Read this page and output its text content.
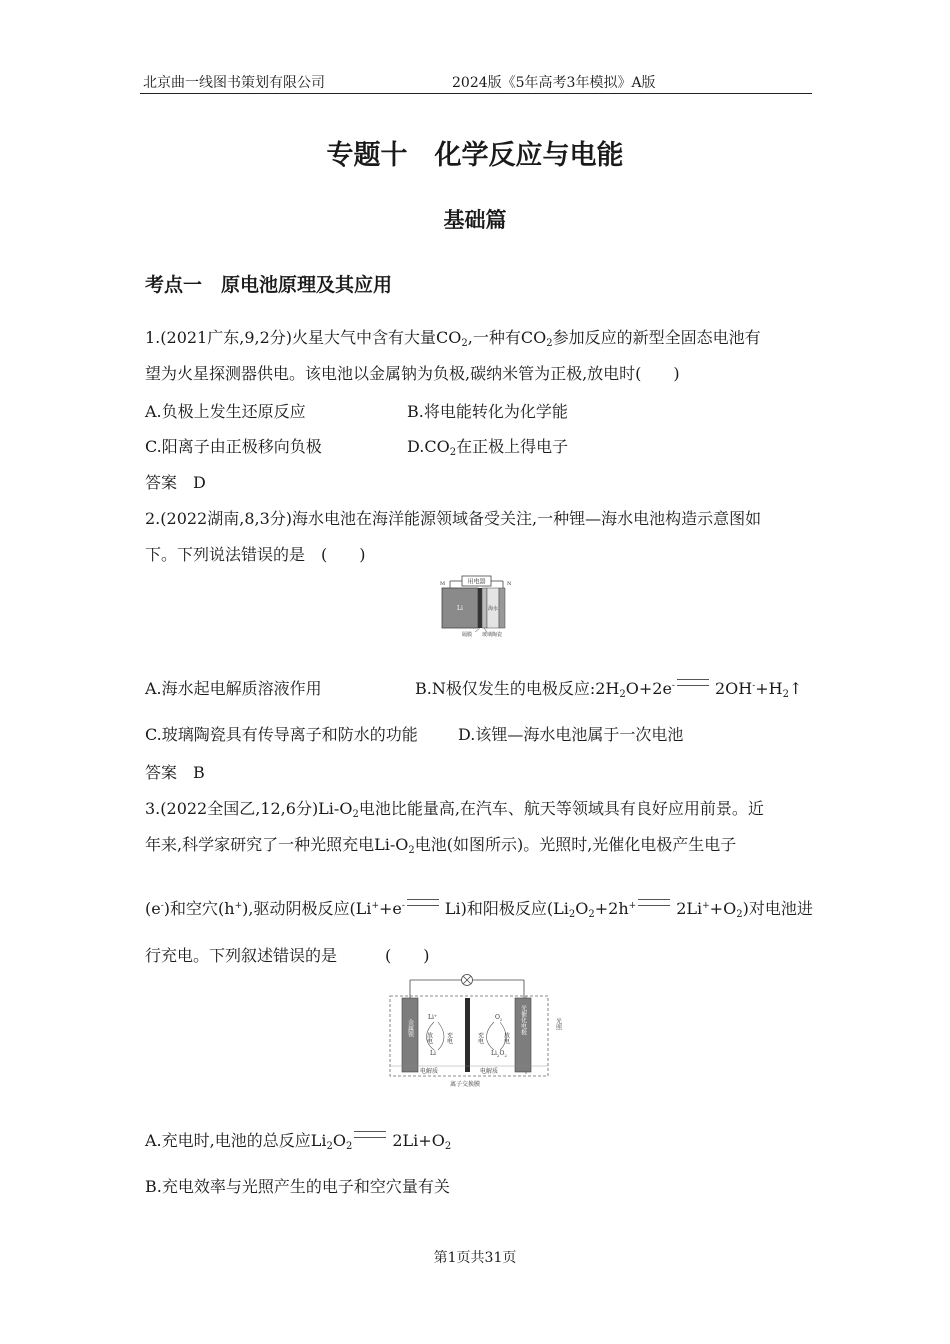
北京曲一线图书策划有限公司	2024版《5年高考3年模拟》A版
专题十　化学反应与电能
基础篇
考点一　原电池原理及其应用
1.(2021广东,9,2分)火星大气中含有大量$CO_2$,一种有$CO_2$参加反应的新型全固态电池有
望为火星探测器供电。该电池以金属钠为负极,碳纳米管为正极,放电时(　　)
A.负极上发生还原反应	B.将电能转化为化学能
C.阳离子由正极移向负极	$D.CO_2$在正极上得电子
答案　D
2.(2022湖南,8,3分)海水电池在海洋能源领域备受关注,一种锂—海水电池构造示意图如
下。下列说法错误的是　(　　)
用电器
M	N
Li	海水
隔膜 玻璃陶瓷
A.海水起电解质溶液作用	B.N极仅发生的电极反应$:2H_2O+2e^-$	$2OH^-+H_2↑$
C.玻璃陶瓷具有传导离子和防水的功能	D.该锂—海水电池属于一次电池
答案　B
3.(2022全国乙,12,6分)$Li-O_2$电池比能量高,在汽车、航天等领域具有良好应用前景。近
年来,科学家研究了一种光照充电$Li-O_2$电池(如图所示)。光照时,光催化电极产生电子
(e-)和空穴(h+),驱动阴极反应(Li++e-	Li)和阳极反应($Li_2O_2+2h^+$	$2Li^++O_2$)对电池进
行充电。下列叙述错误的是　　　(　　)
金属锂	光催化电极	光照
Li+
Li
放电 充电
$O_2$
$Li_2O_2$
充电	放电
电解质	电解质
离子交换膜
A.充电时,电池的总反应$Li_2O_2$	$2Li+O_2$
B.充电效率与光照产生的电子和空穴量有关
第1页共31页
